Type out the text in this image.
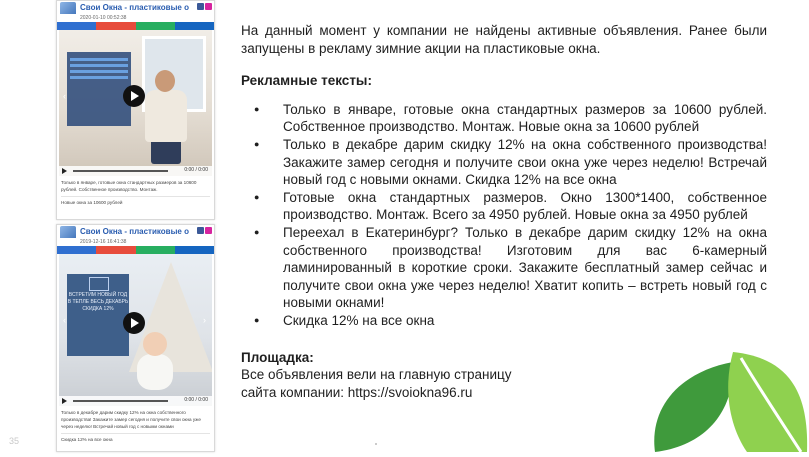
Свои Окна - пластиковые о
2020-01-10 00:52:38
‹	›
0:00 / 0:00
Только в январе, готовые окна стандартных размеров за 10600 рублей. Собственное производство. Монтаж.
Новые окна за 10600 рублей
Свои Окна - пластиковые о
2019-12-16 16:41:38
ВСТРЕТИМ НОВЫЙ ГОД В ТЕПЛЕ ВЕСЬ ДЕКАБРЬ СКИДКА 12%
‹	›
0:00 / 0:00
Только в декабре дарим скидку 12% на окна собственного производства! Закажите замер сегодня и получите свои окна уже через неделю! Встречай новый год с новыми окнами
Скидка 12% на все окна
35

На данный момент у компании не найдены активные объявления. Ранее были запущены в рекламу зимние акции на пластиковые окна.

Рекламные тексты:
● Только в январе, готовые окна стандартных размеров за 10600 рублей. Собственное производство. Монтаж. Новые окна за 10600 рублей
● Только в декабре дарим скидку 12% на окна собственного производства! Закажите замер сегодня и получите свои окна уже через неделю! Встречай новый год с новыми окнами. Скидка 12% на все окна
● Готовые окна стандартных размеров. Окно 1300*1400, собственное производство. Монтаж. Всего за 4950 рублей. Новые окна за 4950 рублей
● Переехал в Екатеринбург? Только в декабре дарим скидку 12% на окна собственного производства! Изготовим для вас 6-камерный ламинированный в короткие сроки. Закажите бесплатный замер сейчас и получите свои окна уже через неделю! Хватит копить – встреть новый год с новыми окнами!
● Скидка 12% на все окна
Площадка:

Все объявления вели на главную страницу

сайта компании: https://svoiokna96.ru
